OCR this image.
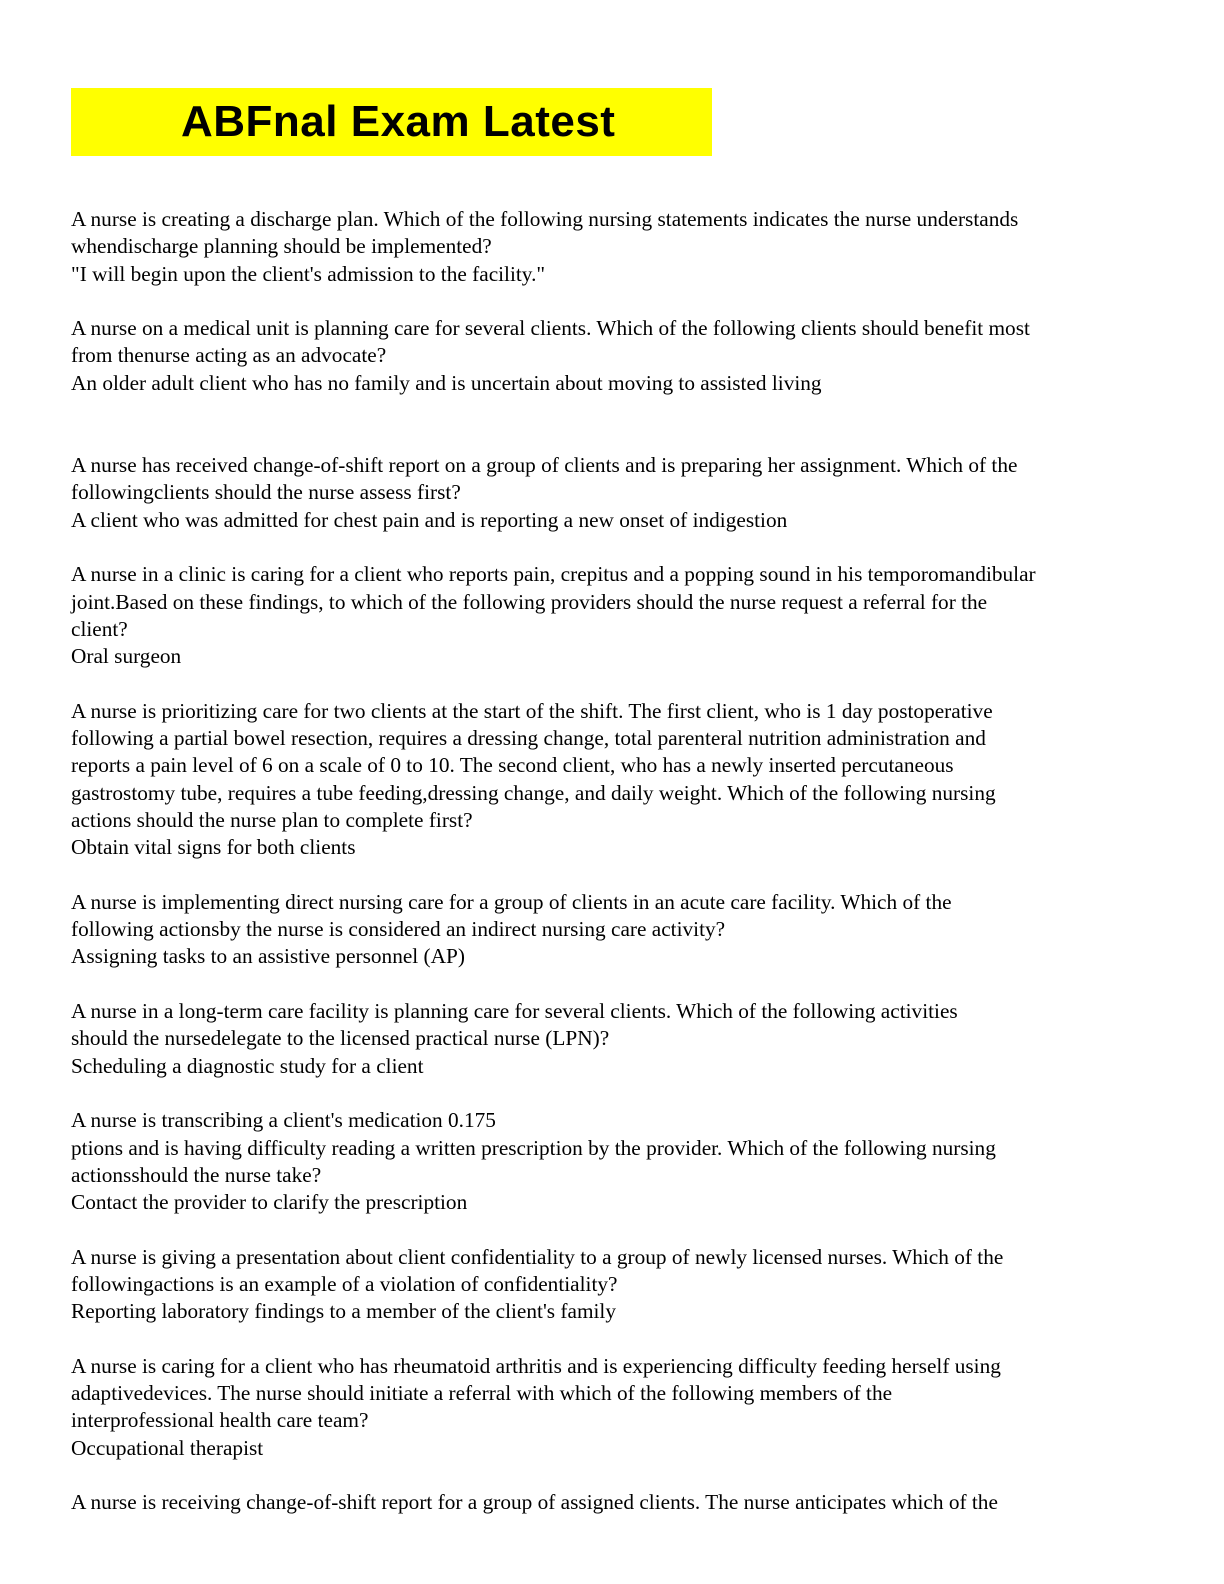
ABFnal Exam Latest
A nurse is creating a discharge plan. Which of the following nursing statements indicates the nurse understands
whendischarge planning should be implemented?
"I will begin upon the client's admission to the facility."
A nurse on a medical unit is planning care for several clients. Which of the following clients should benefit most
from thenurse acting as an advocate?
An older adult client who has no family and is uncertain about moving to assisted living
A nurse has received change-of-shift report on a group of clients and is preparing her assignment. Which of the
followingclients should the nurse assess first?
A client who was admitted for chest pain and is reporting a new onset of indigestion
A nurse in a clinic is caring for a client who reports pain, crepitus and a popping sound in his temporomandibular
joint.Based on these findings, to which of the following providers should the nurse request a referral for the
client?
Oral surgeon
A nurse is prioritizing care for two clients at the start of the shift. The first client, who is 1 day postoperative
following a partial bowel resection, requires a dressing change, total parenteral nutrition administration and
reports a pain level of 6 on a scale of 0 to 10. The second client, who has a newly inserted percutaneous
gastrostomy tube, requires a tube feeding,dressing change, and daily weight. Which of the following nursing
actions should the nurse plan to complete first?
Obtain vital signs for both clients
A nurse is implementing direct nursing care for a group of clients in an acute care facility. Which of the
following actionsby the nurse is considered an indirect nursing care activity?
Assigning tasks to an assistive personnel (AP)
A nurse in a long-term care facility is planning care for several clients. Which of the following activities
should the nursedelegate to the licensed practical nurse (LPN)?
Scheduling a diagnostic study for a client
A nurse is transcribing a client's medication 0.175
ptions and is having difficulty reading a written prescription by the provider. Which of the following nursing
actionsshould the nurse take?
Contact the provider to clarify the prescription
A nurse is giving a presentation about client confidentiality to a group of newly licensed nurses. Which of the
followingactions is an example of a violation of confidentiality?
Reporting laboratory findings to a member of the client's family
A nurse is caring for a client who has rheumatoid arthritis and is experiencing difficulty feeding herself using
adaptivedevices. The nurse should initiate a referral with which of the following members of the
interprofessional health care team?
Occupational therapist
A nurse is receiving change-of-shift report for a group of assigned clients. The nurse anticipates which of the
